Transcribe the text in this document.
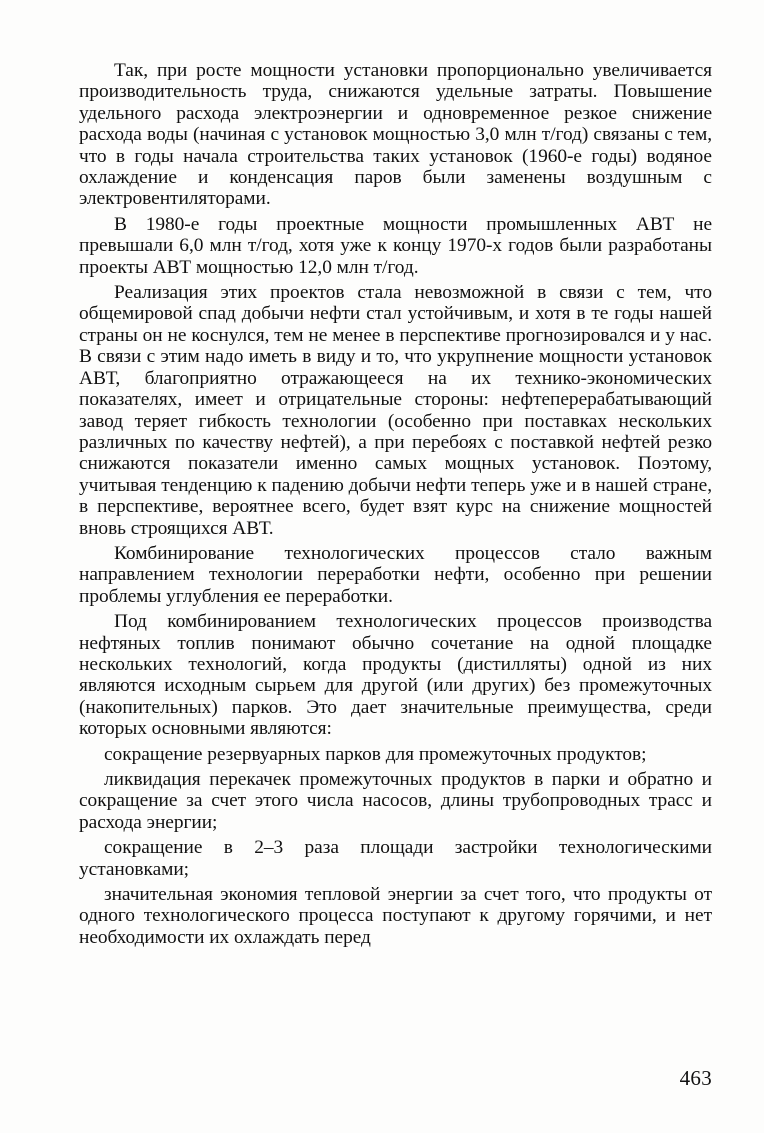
Так, при росте мощности установки пропорционально увеличивается производительность труда, снижаются удельные затраты. Повышение удельного расхода электроэнергии и одновременное резкое снижение расхода воды (начиная с установок мощностью 3,0 млн т/год) связаны с тем, что в годы начала строительства таких установок (1960-е годы) водяное охлаждение и конденсация паров были заменены воздушным с электровентиляторами.

В 1980-е годы проектные мощности промышленных АВТ не превышали 6,0 млн т/год, хотя уже к концу 1970-х годов были разработаны проекты АВТ мощностью 12,0 млн т/год.

Реализация этих проектов стала невозможной в связи с тем, что общемировой спад добычи нефти стал устойчивым, и хотя в те годы нашей страны он не коснулся, тем не менее в перспективе прогнозировался и у нас. В связи с этим надо иметь в виду и то, что укрупнение мощности установок АВТ, благоприятно отражающееся на их технико-экономических показателях, имеет и отрицательные стороны: нефтеперерабатывающий завод теряет гибкость технологии (особенно при поставках нескольких различных по качеству нефтей), а при перебоях с поставкой нефтей резко снижаются показатели именно самых мощных установок. Поэтому, учитывая тенденцию к падению добычи нефти теперь уже и в нашей стране, в перспективе, вероятнее всего, будет взят курс на снижение мощностей вновь строящихся АВТ.

Комбинирование технологических процессов стало важным направлением технологии переработки нефти, особенно при решении проблемы углубления ее переработки.

Под комбинированием технологических процессов производства нефтяных топлив понимают обычно сочетание на одной площадке нескольких технологий, когда продукты (дистилляты) одной из них являются исходным сырьем для другой (или других) без промежуточных (накопительных) парков. Это дает значительные преимущества, среди которых основными являются:

сокращение резервуарных парков для промежуточных продуктов;

ликвидация перекачек промежуточных продуктов в парки и обратно и сокращение за счет этого числа насосов, длины трубопроводных трасс и расхода энергии;

сокращение в 2–3 раза площади застройки технологическими установками;

значительная экономия тепловой энергии за счет того, что продукты от одного технологического процесса поступают к другому горячими, и нет необходимости их охлаждать перед

463
